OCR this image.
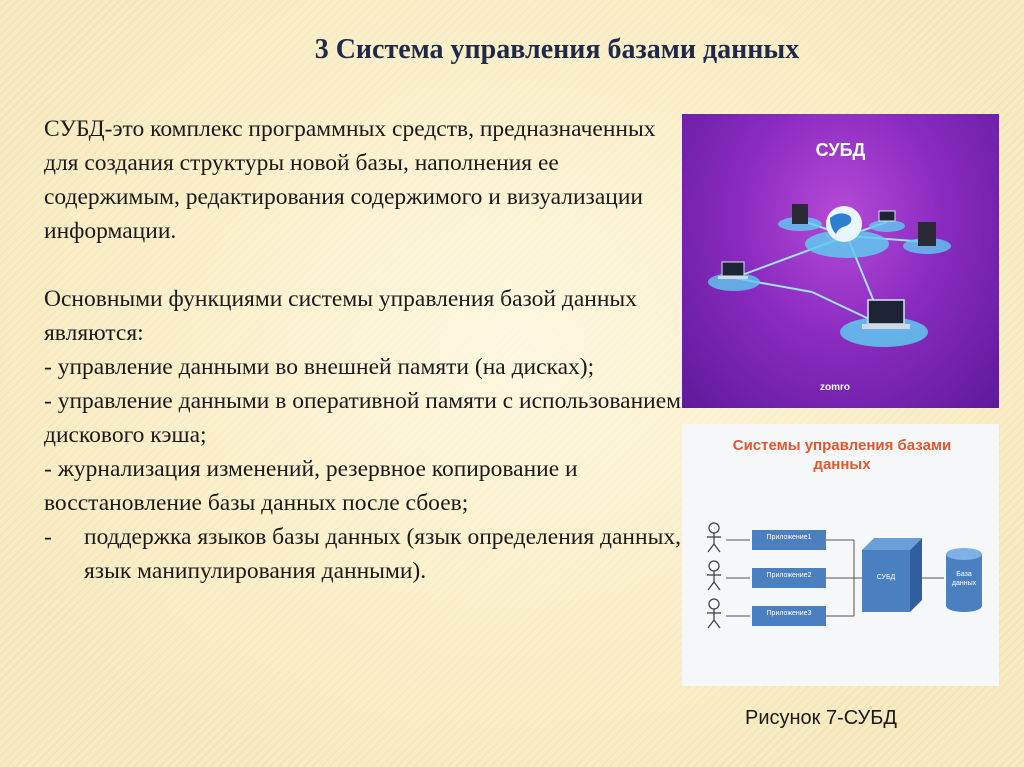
3 Система управления базами данных

СУБД-это комплекс программных средств, предназначенных для создания структуры новой базы, наполнения ее содержимым, редактирования содержимого и визуализации информации.

Основными функциями системы управления базой данных являются:

- управление данными во внешней памяти (на дисках);
- управление данными в оперативной памяти с использованием дискового кэша;
- журнализация изменений, резервное копирование и восстановление базы данных после сбоев;
-	поддержка языков базы данных (язык определения данных, язык манипулирования данными).
СУБД
zomro
Системы управления базами данных
Приложение1
Приложение2
Приложение3
СУБД	База данных
Рисунок 7-СУБД
